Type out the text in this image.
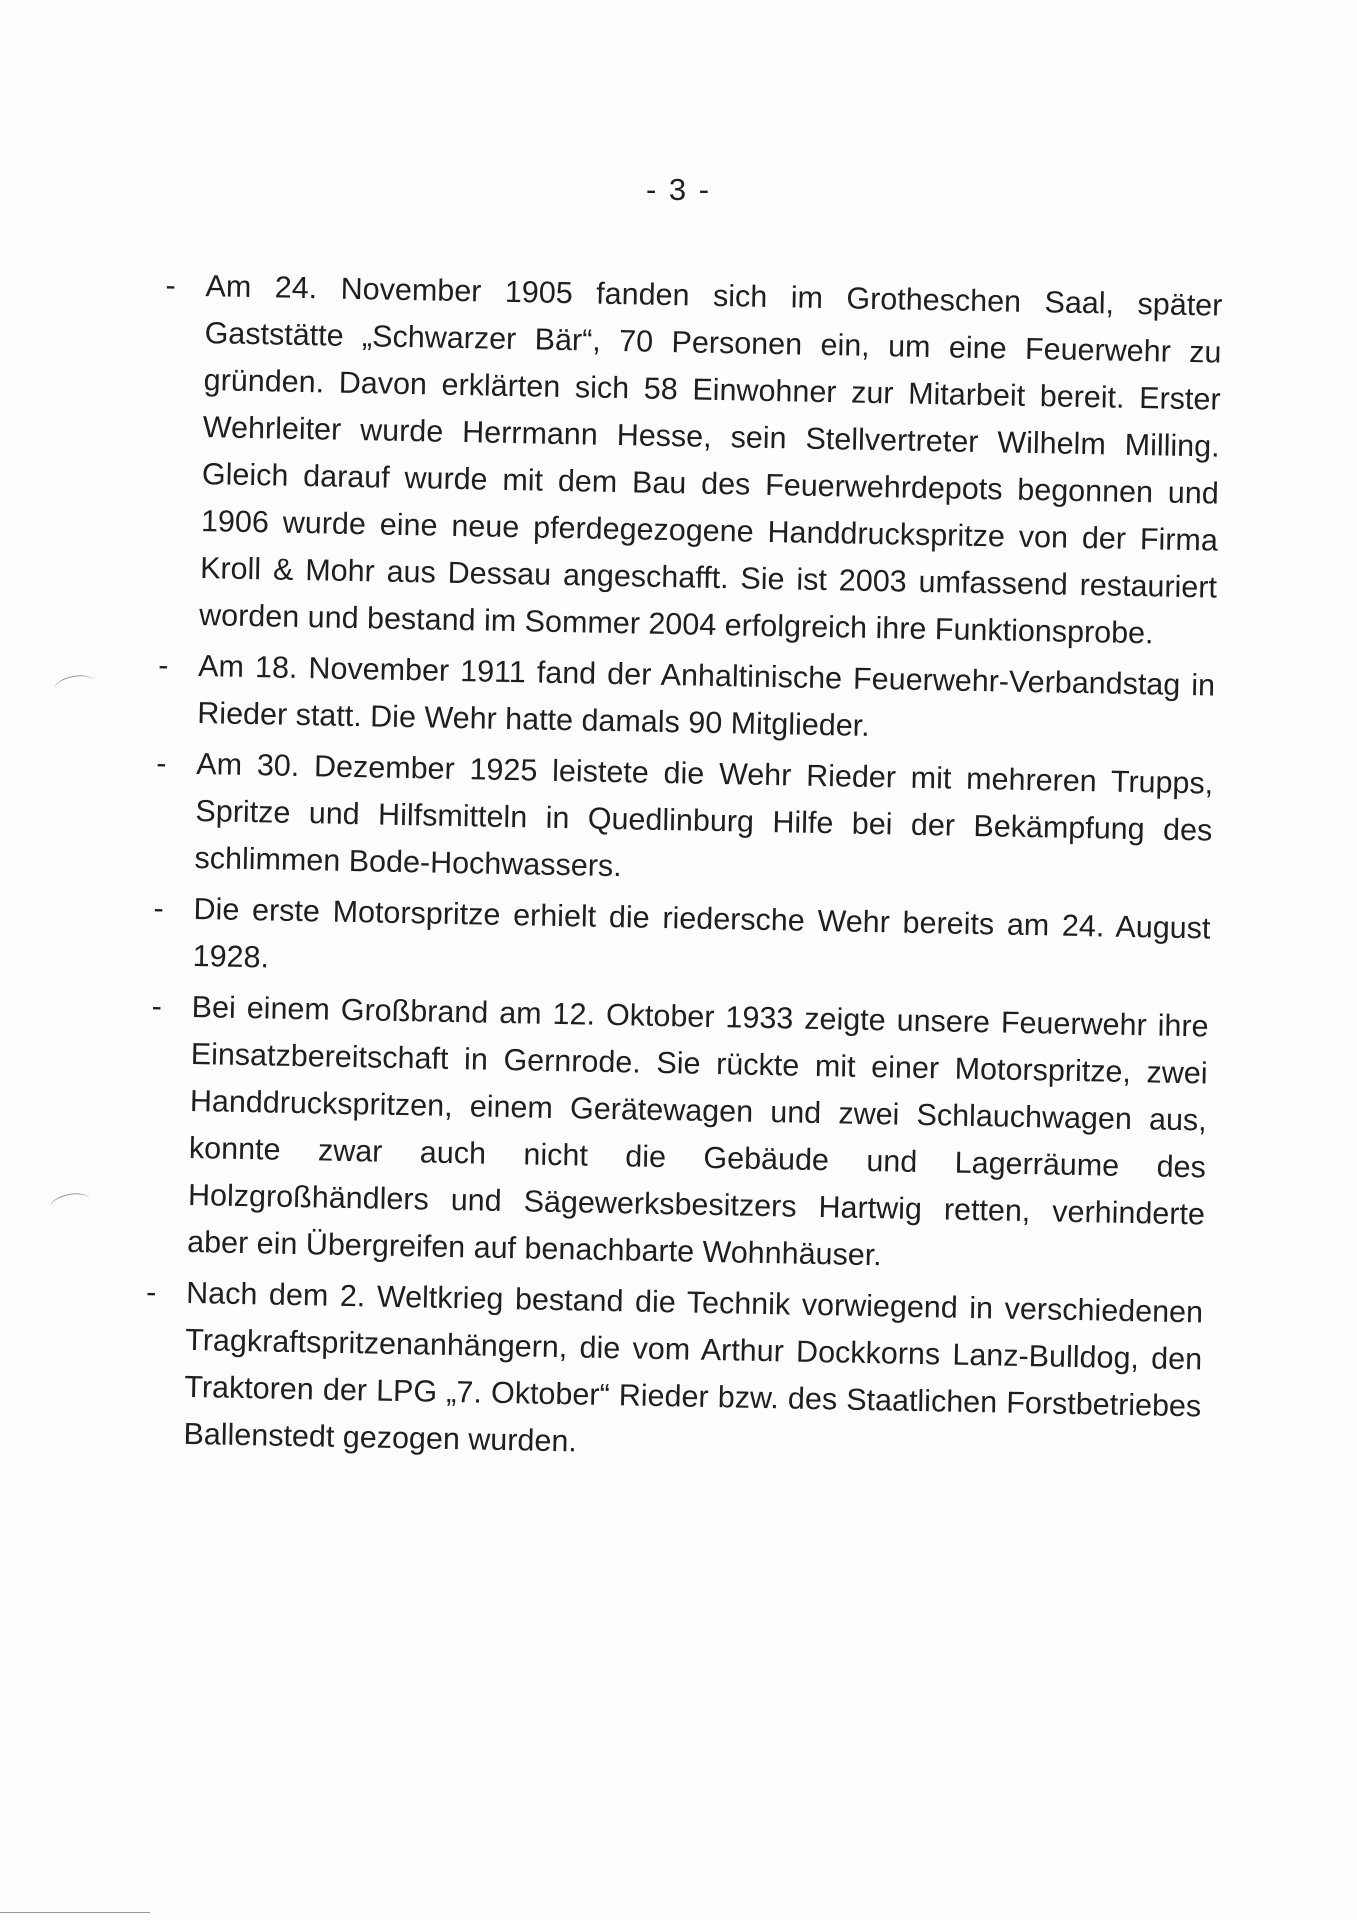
- 3 -
- Am 24. November 1905 fanden sich im Grotheschen Saal, später Gaststätte „Schwarzer Bär“, 70 Personen ein, um eine Feuerwehr zu gründen. Davon erklärten sich 58 Einwohner zur Mitarbeit bereit. Erster Wehrleiter wurde Herrmann Hesse, sein Stellvertreter Wilhelm Milling. Gleich darauf wurde mit dem Bau des Feuerwehrdepots begonnen und 1906 wurde eine neue pferdegezogene Handdruckspritze von der Firma Kroll & Mohr aus Dessau angeschafft. Sie ist 2003 umfassend restauriert worden und bestand im Sommer 2004 erfolgreich ihre Funktionsprobe.
- Am 18. November 1911 fand der Anhaltinische Feuerwehr-Verbandstag in Rieder statt. Die Wehr hatte damals 90 Mitglieder.
- Am 30. Dezember 1925 leistete die Wehr Rieder mit mehreren Trupps, Spritze und Hilfsmitteln in Quedlinburg Hilfe bei der Bekämpfung des schlimmen Bode-Hochwassers.
- Die erste Motorspritze erhielt die riedersche Wehr bereits am 24. August 1928.
- Bei einem Großbrand am 12. Oktober 1933 zeigte unsere Feuerwehr ihre Einsatzbereitschaft in Gernrode. Sie rückte mit einer Motorspritze, zwei Handdruckspritzen, einem Gerätewagen und zwei Schlauchwagen aus, konnte zwar auch nicht die Gebäude und Lagerräume des Holzgroßhändlers und Sägewerksbesitzers Hartwig retten, verhinderte aber ein Übergreifen auf benachbarte Wohnhäuser.
- Nach dem 2. Weltkrieg bestand die Technik vorwiegend in verschiedenen Tragkraftspritzenanhängern, die vom Arthur Dockkorns Lanz-Bulldog, den Traktoren der LPG „7. Oktober“ Rieder bzw. des Staatlichen Forstbetriebes Ballenstedt gezogen wurden.
